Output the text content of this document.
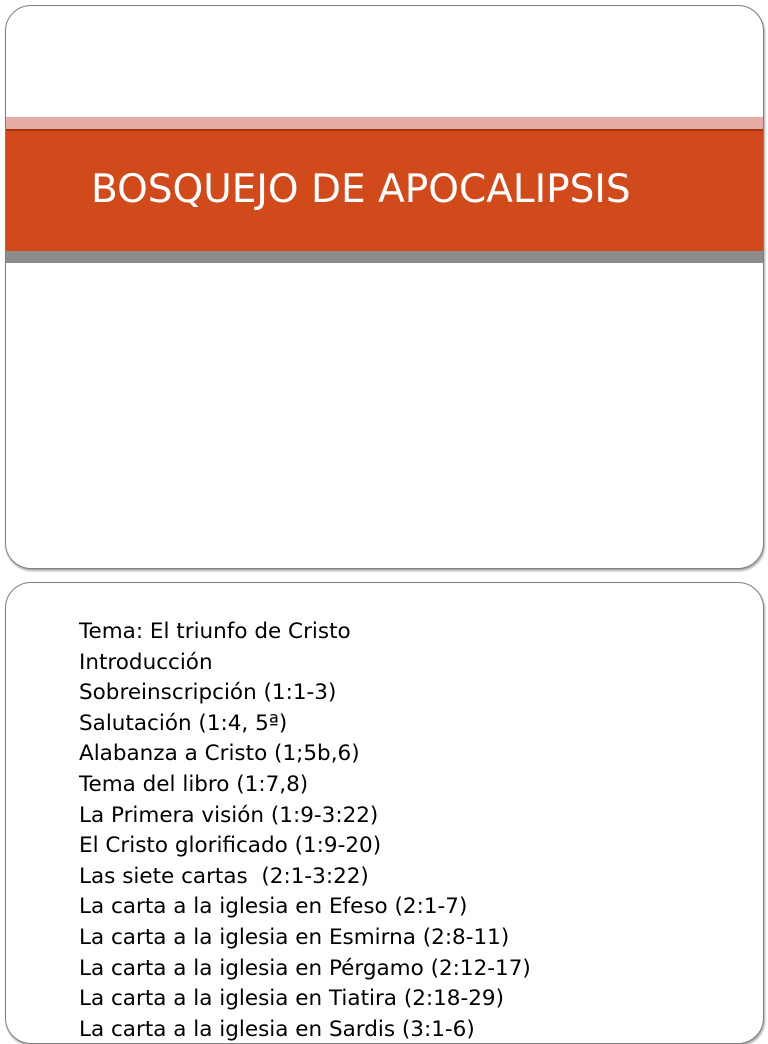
BOSQUEJO DE APOCALIPSIS
Tema: El triunfo de Cristo
Introducción
Sobreinscripción (1:1-3)
Salutación (1:4, 5ª)
Alabanza a Cristo (1;5b,6)
Tema del libro (1:7,8)
La Primera visión (1:9-3:22)
El Cristo glorificado (1:9-20)
Las siete cartas  (2:1-3:22)
La carta a la iglesia en Efeso (2:1-7)
La carta a la iglesia en Esmirna (2:8-11)
La carta a la iglesia en Pérgamo (2:12-17)
La carta a la iglesia en Tiatira (2:18-29)
La carta a la iglesia en Sardis (3:1-6)
